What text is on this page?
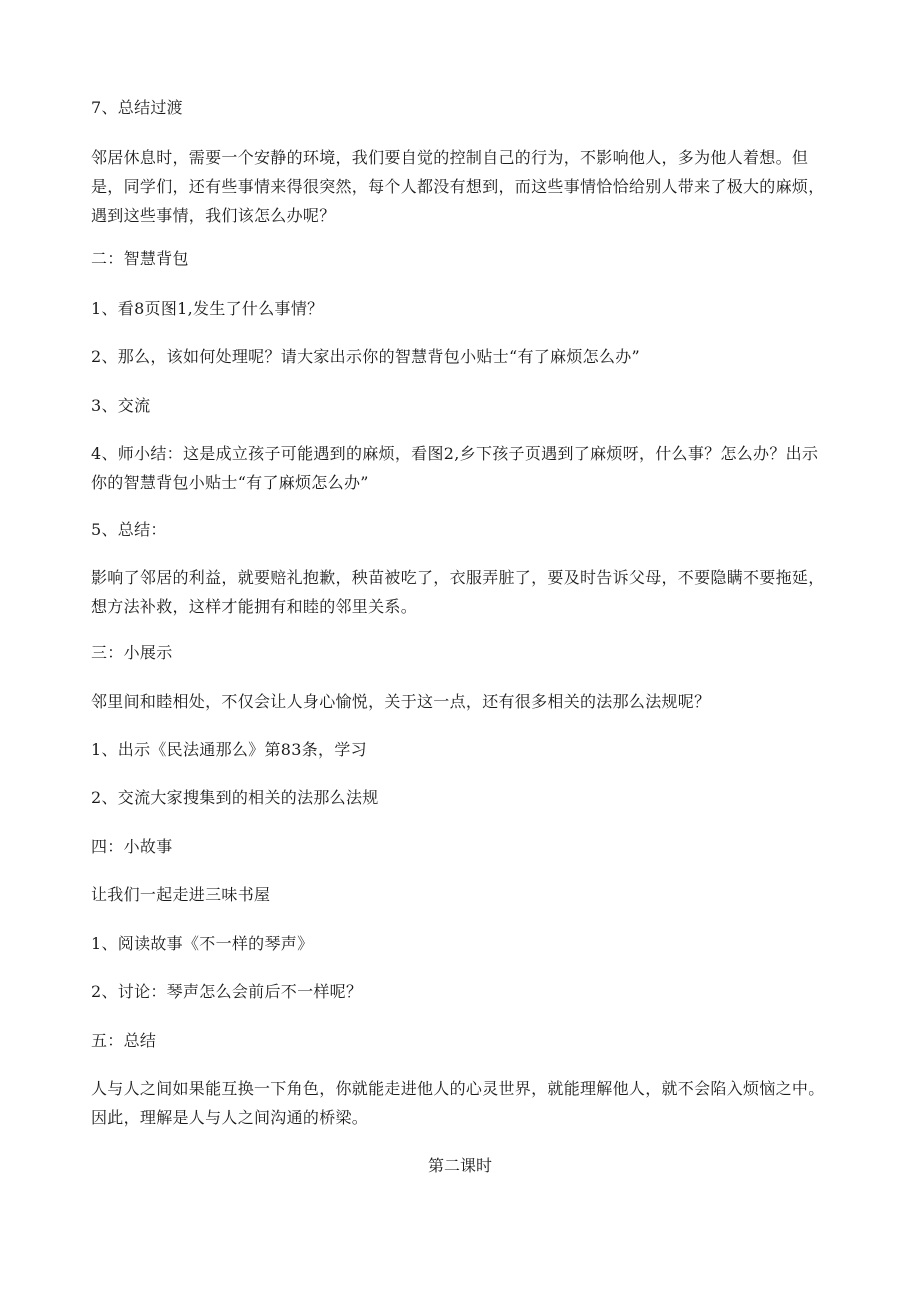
7、总结过渡
邻居休息时，需要一个安静的环境，我们要自觉的控制自己的行为，不影响他人，多为他人着想。但是，同学们，还有些事情来得很突然，每个人都没有想到，而这些事情恰恰给别人带来了极大的麻烦，遇到这些事情，我们该怎么办呢？
二：智慧背包
1、看8页图1,发生了什么事情？
2、那么，该如何处理呢？请大家出示你的智慧背包小贴士“有了麻烦怎么办”
3、交流
4、师小结：这是成立孩子可能遇到的麻烦，看图2,乡下孩子页遇到了麻烦呀，什么事？怎么办？出示你的智慧背包小贴士“有了麻烦怎么办”
5、总结：
影响了邻居的利益，就要赔礼抱歉，秧苗被吃了，衣服弄脏了，要及时告诉父母，不要隐瞒不要拖延，想方法补救，这样才能拥有和睦的邻里关系。
三：小展示
邻里间和睦相处，不仅会让人身心愉悦，关于这一点，还有很多相关的法那么法规呢？
1、出示《民法通那么》第83条，学习
2、交流大家搜集到的相关的法那么法规
四：小故事
让我们一起走进三味书屋
1、阅读故事《不一样的琴声》
2、讨论：琴声怎么会前后不一样呢？
五：总结
人与人之间如果能互换一下角色，你就能走进他人的心灵世界，就能理解他人，就不会陷入烦恼之中。因此，理解是人与人之间沟通的桥梁。
第二课时
